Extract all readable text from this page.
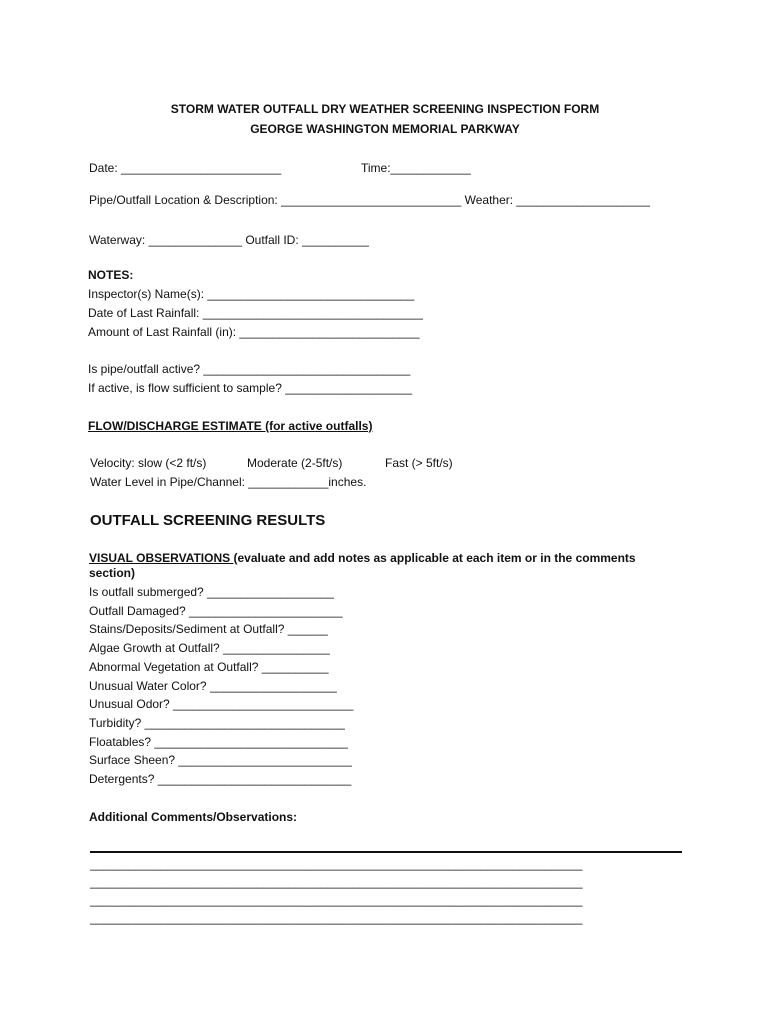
STORM WATER OUTFALL DRY WEATHER SCREENING INSPECTION FORM
GEORGE WASHINGTON MEMORIAL PARKWAY
Date: ________________________	Time:____________
Pipe/Outfall Location & Description: ___________________________ Weather: ____________________
Waterway: ______________ Outfall ID: __________
NOTES:
Inspector(s) Name(s): _______________________________
Date of Last Rainfall: _________________________________
Amount of Last Rainfall (in): ___________________________
Is pipe/outfall active? _______________________________
If active, is flow sufficient to sample? ___________________
FLOW/DISCHARGE ESTIMATE (for active outfalls)
Velocity: slow (<2 ft/s)	Moderate (2-5ft/s)	Fast (> 5ft/s)
Water Level in Pipe/Channel: ____________inches.
OUTFALL SCREENING RESULTS
VISUAL OBSERVATIONS (evaluate and add notes as applicable at each item or in the comments
section)
Is outfall submerged? ___________________
Outfall Damaged? _______________________
Stains/Deposits/Sediment at Outfall? ______
Algae Growth at Outfall? ________________
Abnormal Vegetation at Outfall? __________
Unusual Water Color? ___________________
Unusual Odor? ___________________________
Turbidity? ______________________________
Floatables? _____________________________
Surface Sheen? __________________________
Detergents? _____________________________
Additional Comments/Observations:
_____________________________________________________________________________
_____________________________________________________________________________
_____________________________________________________________________________
_____________________________________________________________________________
